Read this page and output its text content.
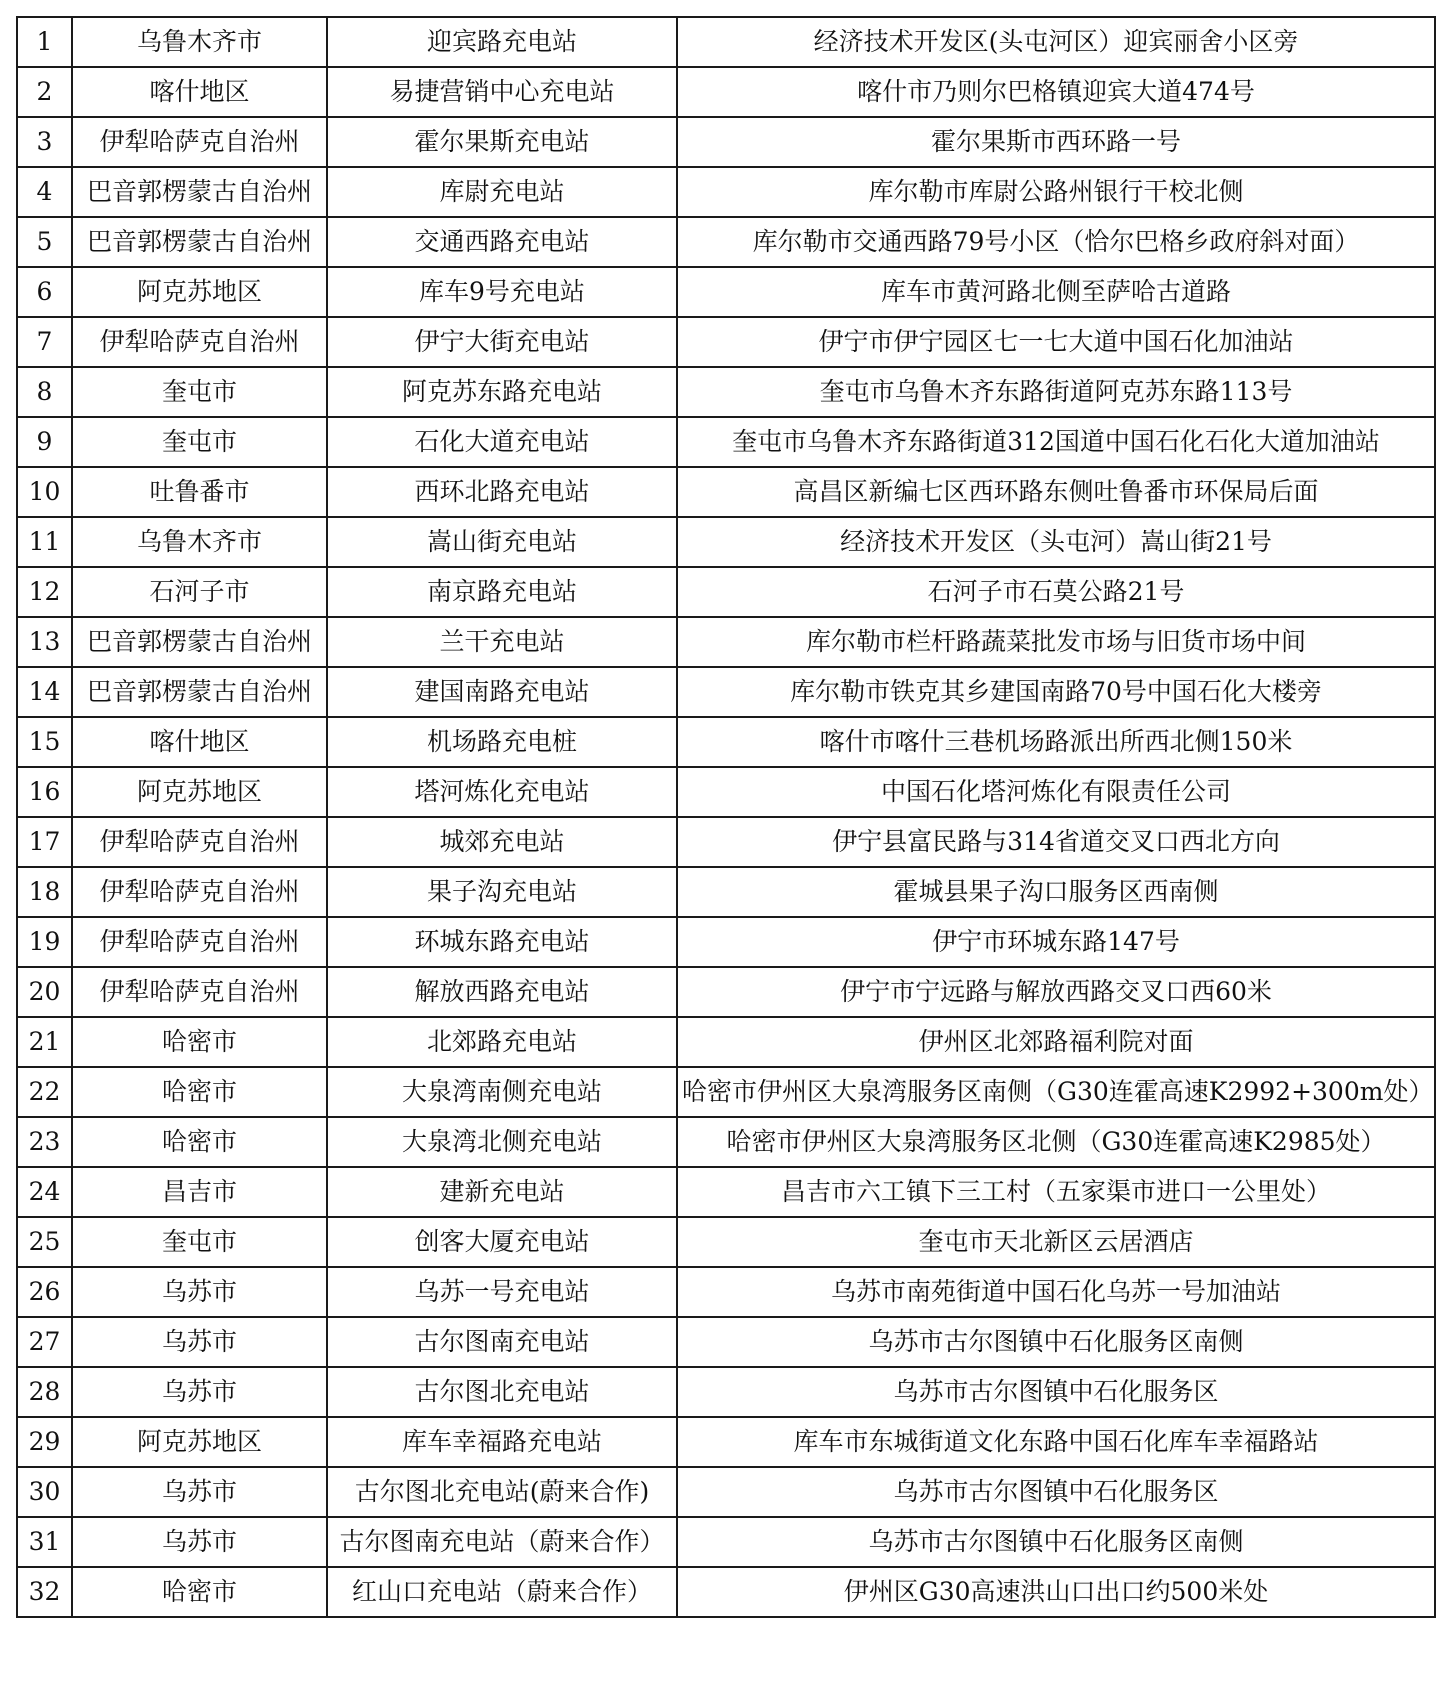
1	乌鲁木齐市	迎宾路充电站	经济技术开发区(头屯河区）迎宾丽舍小区旁
2	喀什地区	易捷营销中心充电站	喀什市乃则尔巴格镇迎宾大道474号
3	伊犁哈萨克自治州	霍尔果斯充电站	霍尔果斯市西环路一号
4	巴音郭楞蒙古自治州	库尉充电站	库尔勒市库尉公路州银行干校北侧
5	巴音郭楞蒙古自治州	交通西路充电站	库尔勒市交通西路79号小区（恰尔巴格乡政府斜对面）
6	阿克苏地区	库车9号充电站	库车市黄河路北侧至萨哈古道路
7	伊犁哈萨克自治州	伊宁大街充电站	伊宁市伊宁园区七一七大道中国石化加油站
8	奎屯市	阿克苏东路充电站	奎屯市乌鲁木齐东路街道阿克苏东路113号
9	奎屯市	石化大道充电站	奎屯市乌鲁木齐东路街道312国道中国石化石化大道加油站
10	吐鲁番市	西环北路充电站	高昌区新编七区西环路东侧吐鲁番市环保局后面
11	乌鲁木齐市	嵩山街充电站	经济技术开发区（头屯河）嵩山街21号
12	石河子市	南京路充电站	石河子市石莫公路21号
13	巴音郭楞蒙古自治州	兰干充电站	库尔勒市栏杆路蔬菜批发市场与旧货市场中间
14	巴音郭楞蒙古自治州	建国南路充电站	库尔勒市铁克其乡建国南路70号中国石化大楼旁
15	喀什地区	机场路充电桩	喀什市喀什三巷机场路派出所西北侧150米
16	阿克苏地区	塔河炼化充电站	中国石化塔河炼化有限责任公司
17	伊犁哈萨克自治州	城郊充电站	伊宁县富民路与314省道交叉口西北方向
18	伊犁哈萨克自治州	果子沟充电站	霍城县果子沟口服务区西南侧
19	伊犁哈萨克自治州	环城东路充电站	伊宁市环城东路147号
20	伊犁哈萨克自治州	解放西路充电站	伊宁市宁远路与解放西路交叉口西60米
21	哈密市	北郊路充电站	伊州区北郊路福利院对面
22	哈密市	大泉湾南侧充电站	哈密市伊州区大泉湾服务区南侧（G30连霍高速K2992+300m处）
23	哈密市	大泉湾北侧充电站	哈密市伊州区大泉湾服务区北侧（G30连霍高速K2985处）
24	昌吉市	建新充电站	昌吉市六工镇下三工村（五家渠市进口一公里处）
25	奎屯市	创客大厦充电站	奎屯市天北新区云居酒店
26	乌苏市	乌苏一号充电站	乌苏市南苑街道中国石化乌苏一号加油站
27	乌苏市	古尔图南充电站	乌苏市古尔图镇中石化服务区南侧
28	乌苏市	古尔图北充电站	乌苏市古尔图镇中石化服务区
29	阿克苏地区	库车幸福路充电站	库车市东城街道文化东路中国石化库车幸福路站
30	乌苏市	古尔图北充电站(蔚来合作)	乌苏市古尔图镇中石化服务区
31	乌苏市	古尔图南充电站（蔚来合作）	乌苏市古尔图镇中石化服务区南侧
32	哈密市	红山口充电站（蔚来合作）	伊州区G30高速洪山口出口约500米处
